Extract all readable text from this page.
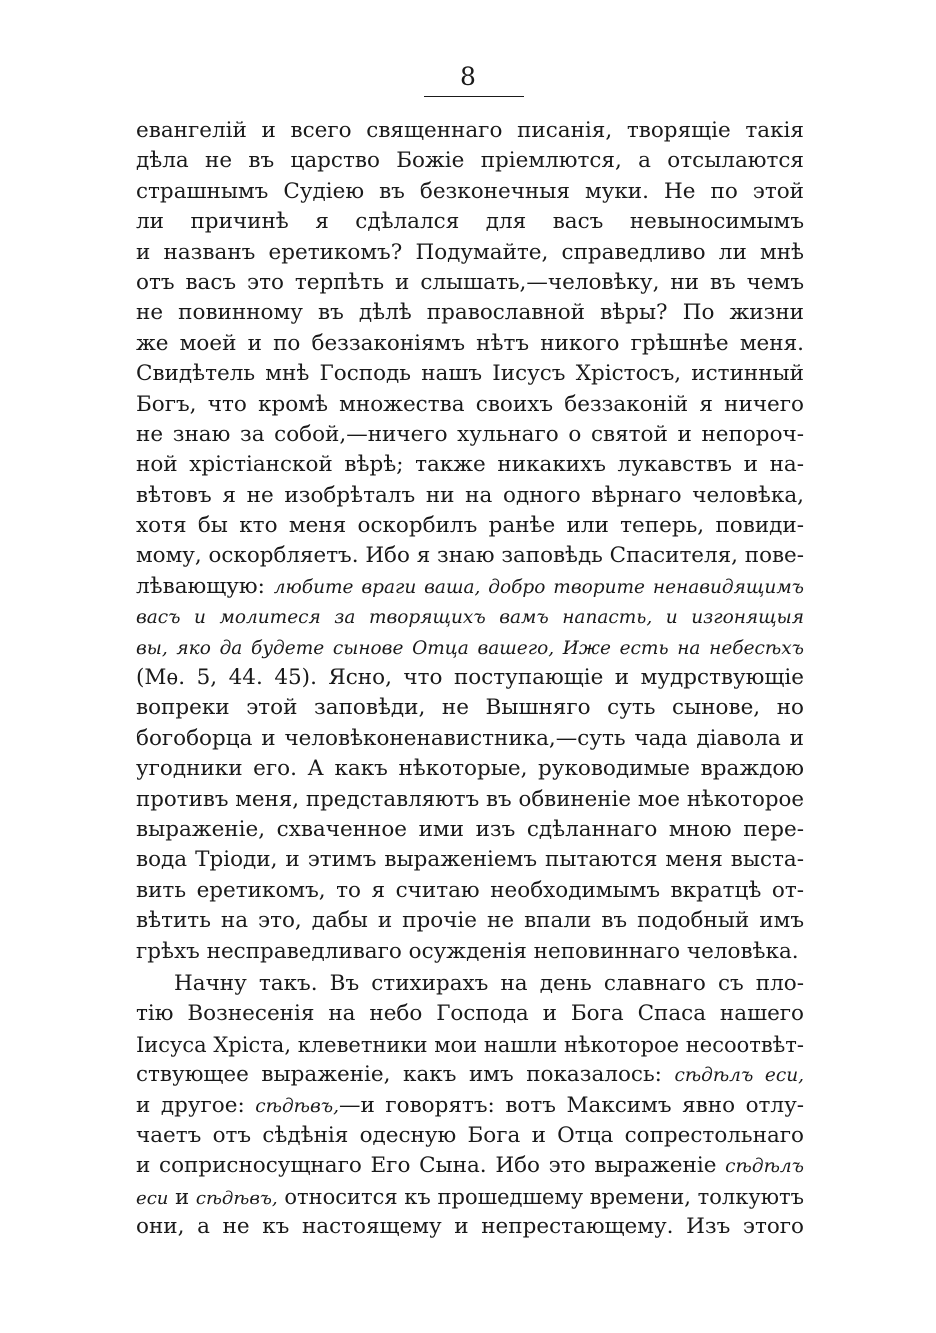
8
евангелій и всего священнаго писанія, творящіе такія
дѣла не въ царство Божіе пріемлются, а отсылаются
страшнымъ Судіею въ безконечныя муки. Не по этой
ли причинѣ я сдѣлался для васъ невыносимымъ
и названъ еретикомъ? Подумайте, справедливо ли мнѣ
отъ васъ это терпѣть и слышать,—человѣку, ни въ чемъ
не повинному въ дѣлѣ православной вѣры? По жизни
же моей и по беззаконіямъ нѣтъ никого грѣшнѣе меня.
Свидѣтель мнѣ Господь нашъ Іисусъ Хрістосъ, истинный
Богъ, что кромѣ множества своихъ беззаконій я ничего
не знаю за собой,—ничего хульнаго о святой и непороч-
ной хрістіанской вѣрѣ; также никакихъ лукавствъ и на-
вѣтовъ я не изобрѣталъ ни на одного вѣрнаго человѣка,
хотя бы кто меня оскорбилъ ранѣе или теперь, повиди-
мому, оскорбляетъ. Ибо я знаю заповѣдь Спасителя, повe-
лѣвающую: любите враги ваша, добро творите ненавидящимъ
васъ и молитеся за творящихъ вамъ напасть, и изгонящыя
вы, яко да будете сынове Отца вашего, Иже есть на небесѣхъ
(Мѳ. 5, 44. 45). Ясно, что поступающіе и мудрствующіе
вопреки этой заповѣди, не Вышняго суть сынове, но
богоборца и человѣконенавистника,—суть чада діавола и
угодники его. А какъ нѣкоторые, руководимые враждою
противъ меня, представляютъ въ обвиненіе мое нѣкоторое
выраженіе, схваченное ими изъ сдѣланнаго мною пере-
вода Тріоди, и этимъ выраженіемъ пытаются меня выста-
вить еретикомъ, то я считаю необходимымъ вкратцѣ от-
вѣтить на это, дабы и прочіе не впали въ подобный имъ
грѣхъ несправедливаго осужденія неповиннаго человѣка.
Начну такъ. Въ стихирахъ на день славнаго съ пло-
тію Вознесенія на небо Господа и Бога Спаса нашего
Іисуса Хріста, клеветники мои нашли нѣкоторое несоотвѣт-
ствующее выраженіе, какъ имъ показалось: сѣдѣлъ еси,
и другое: сѣдѣвъ,—и говорятъ: вотъ Максимъ явно отлу-
чаетъ отъ сѣдѣнія одесную Бога и Отца сопрестольнаго
и соприсносущнаго Его Сына. Ибо это выраженіе сѣдѣлъ
еси и сѣдѣвъ, относится къ прошедшему времени, толкуютъ
они, а не къ настоящему и непрестающему. Изъ этого
